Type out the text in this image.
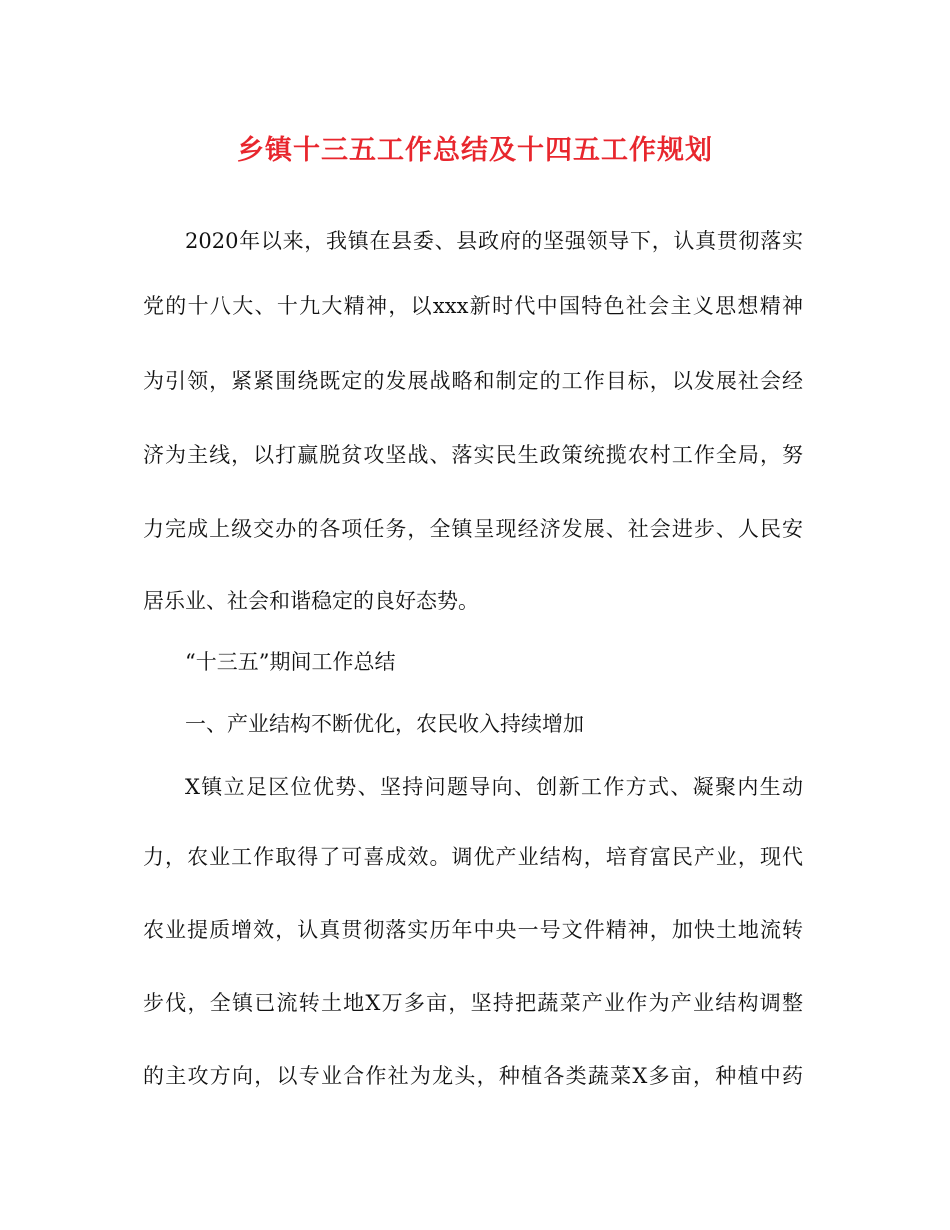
乡镇十三五工作总结及十四五工作规划
2020年以来，我镇在县委、县政府的坚强领导下，认真贯彻落实
党的十八大、十九大精神，以xxx新时代中国特色社会主义思想精神
为引领，紧紧围绕既定的发展战略和制定的工作目标，以发展社会经
济为主线，以打赢脱贫攻坚战、落实民生政策统揽农村工作全局，努
力完成上级交办的各项任务，全镇呈现经济发展、社会进步、人民安
居乐业、社会和谐稳定的良好态势。
“十三五”期间工作总结
一、产业结构不断优化，农民收入持续增加
X镇立足区位优势、坚持问题导向、创新工作方式、凝聚内生动
力，农业工作取得了可喜成效。调优产业结构，培育富民产业，现代
农业提质增效，认真贯彻落实历年中央一号文件精神，加快土地流转
步伐，全镇已流转土地X万多亩，坚持把蔬菜产业作为产业结构调整
的主攻方向，以专业合作社为龙头，种植各类蔬菜X多亩，种植中药
